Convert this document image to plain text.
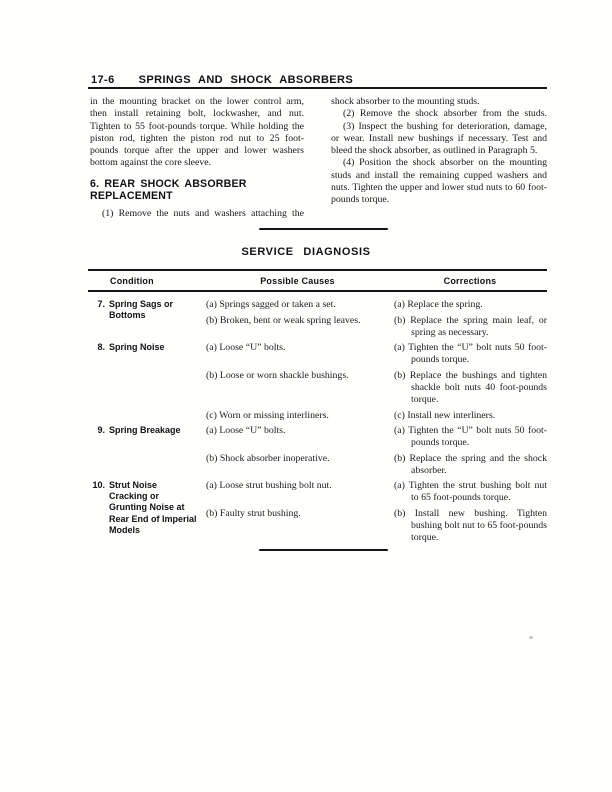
17-6 SPRINGS AND SHOCK ABSORBERS

in the mounting bracket on the lower control arm, then install retaining bolt, lockwasher, and nut. Tighten to 55 foot-pounds torque. While holding the piston rod, tighten the piston rod nut to 25 foot-pounds torque after the upper and lower washers bottom against the core sleeve.

6. REAR SHOCK ABSORBER REPLACEMENT

(1) Remove the nuts and washers attaching the

shock absorber to the mounting studs.

(2) Remove the shock absorber from the studs.

(3) Inspect the bushing for deterioration, damage, or wear. Install new bushings if necessary. Test and bleed the shock absorber, as outlined in Paragraph 5.

(4) Position the shock absorber on the mounting studs and install the remaining cupped washers and nuts. Tighten the upper and lower stud nuts to 60 foot-pounds torque.

SERVICE DIAGNOSIS
Condition	Possible Causes	Corrections
7. Spring Sags or Bottoms
(a) Springs sagged or taken a set.	(a) Replace the spring.
(b) Broken, bent or weak spring leaves.	(b) Replace the spring main leaf, or spring as necessary.
8. Spring Noise	(a) Loose “U” bolts.	(a) Tighten the “U” bolt nuts 50 foot-pounds torque.
(b) Loose or worn shackle bushings.	(b) Replace the bushings and tighten shackle bolt nuts 40 foot-pounds torque.
(c) Worn or missing interliners.	(c) Install new interliners.
9. Spring Breakage	(a) Loose “U” bolts.	(a) Tighten the “U” bolt nuts 50 foot-pounds torque.
(b) Shock absorber inoperative.	(b) Replace the spring and the shock absorber.
10. Strut Noise Cracking or Grunting Noise at Rear End of Imperial Models
(a) Loose strut bushing bolt nut.	(a) Tighten the strut bushing bolt nut to 65 foot-pounds torque.
(b) Faulty strut bushing.	(b) Install new bushing. Tighten bushing bolt nut to 65 foot-pounds torque.
